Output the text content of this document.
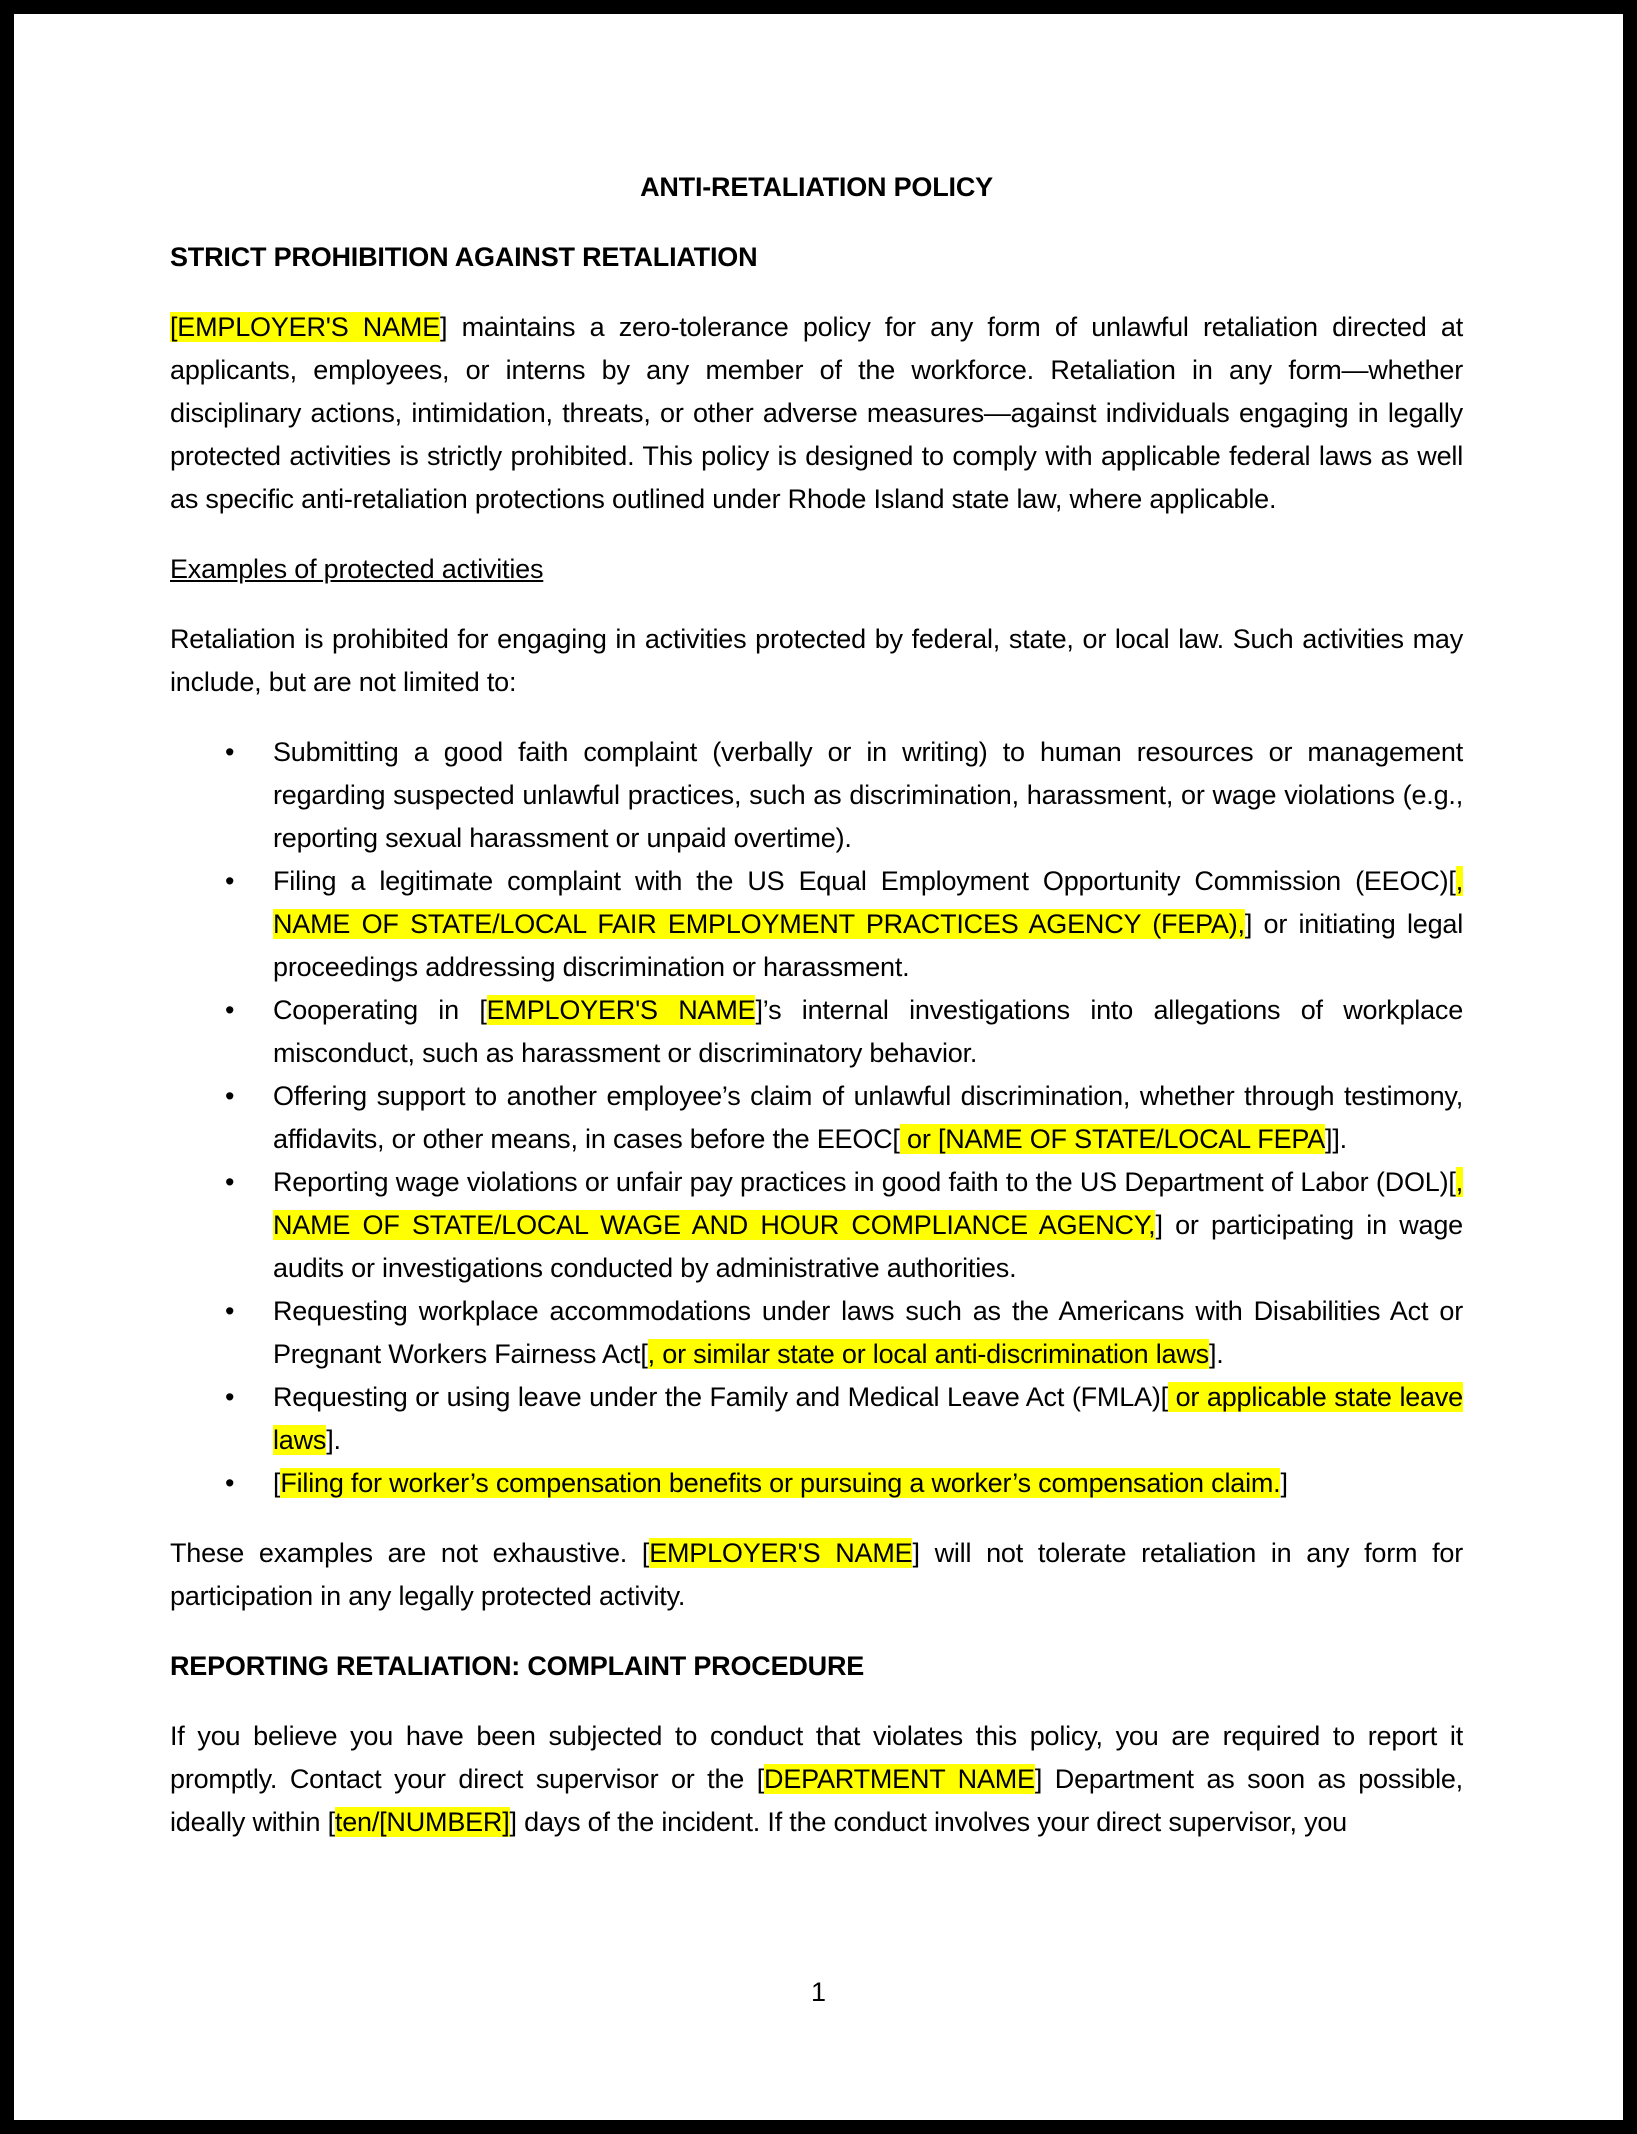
ANTI-RETALIATION POLICY
STRICT PROHIBITION AGAINST RETALIATION
[EMPLOYER'S NAME] maintains a zero-tolerance policy for any form of unlawful retaliation directed at applicants, employees, or interns by any member of the workforce. Retaliation in any form—whether disciplinary actions, intimidation, threats, or other adverse measures—against individuals engaging in legally protected activities is strictly prohibited. This policy is designed to comply with applicable federal laws as well as specific anti-retaliation protections outlined under Rhode Island state law, where applicable.
Examples of protected activities
Retaliation is prohibited for engaging in activities protected by federal, state, or local law. Such activities may include, but are not limited to:
• Submitting a good faith complaint (verbally or in writing) to human resources or management regarding suspected unlawful practices, such as discrimination, harassment, or wage violations (e.g., reporting sexual harassment or unpaid overtime).
• Filing a legitimate complaint with the US Equal Employment Opportunity Commission (EEOC)[, NAME OF STATE/LOCAL FAIR EMPLOYMENT PRACTICES AGENCY (FEPA),] or initiating legal proceedings addressing discrimination or harassment.
• Cooperating in [EMPLOYER'S NAME]’s internal investigations into allegations of workplace misconduct, such as harassment or discriminatory behavior.
• Offering support to another employee’s claim of unlawful discrimination, whether through testimony, affidavits, or other means, in cases before the EEOC[ or [NAME OF STATE/LOCAL FEPA]].
• Reporting wage violations or unfair pay practices in good faith to the US Department of Labor (DOL)[, NAME OF STATE/LOCAL WAGE AND HOUR COMPLIANCE AGENCY,] or participating in wage audits or investigations conducted by administrative authorities.
• Requesting workplace accommodations under laws such as the Americans with Disabilities Act or Pregnant Workers Fairness Act[, or similar state or local anti-discrimination laws].
• Requesting or using leave under the Family and Medical Leave Act (FMLA)[ or applicable state leave laws].
• [Filing for worker’s compensation benefits or pursuing a worker’s compensation claim.]
These examples are not exhaustive. [EMPLOYER'S NAME] will not tolerate retaliation in any form for participation in any legally protected activity.
REPORTING RETALIATION: COMPLAINT PROCEDURE
If you believe you have been subjected to conduct that violates this policy, you are required to report it promptly. Contact your direct supervisor or the [DEPARTMENT NAME] Department as soon as possible, ideally within [ten/[NUMBER]] days of the incident. If the conduct involves your direct supervisor, you
1
